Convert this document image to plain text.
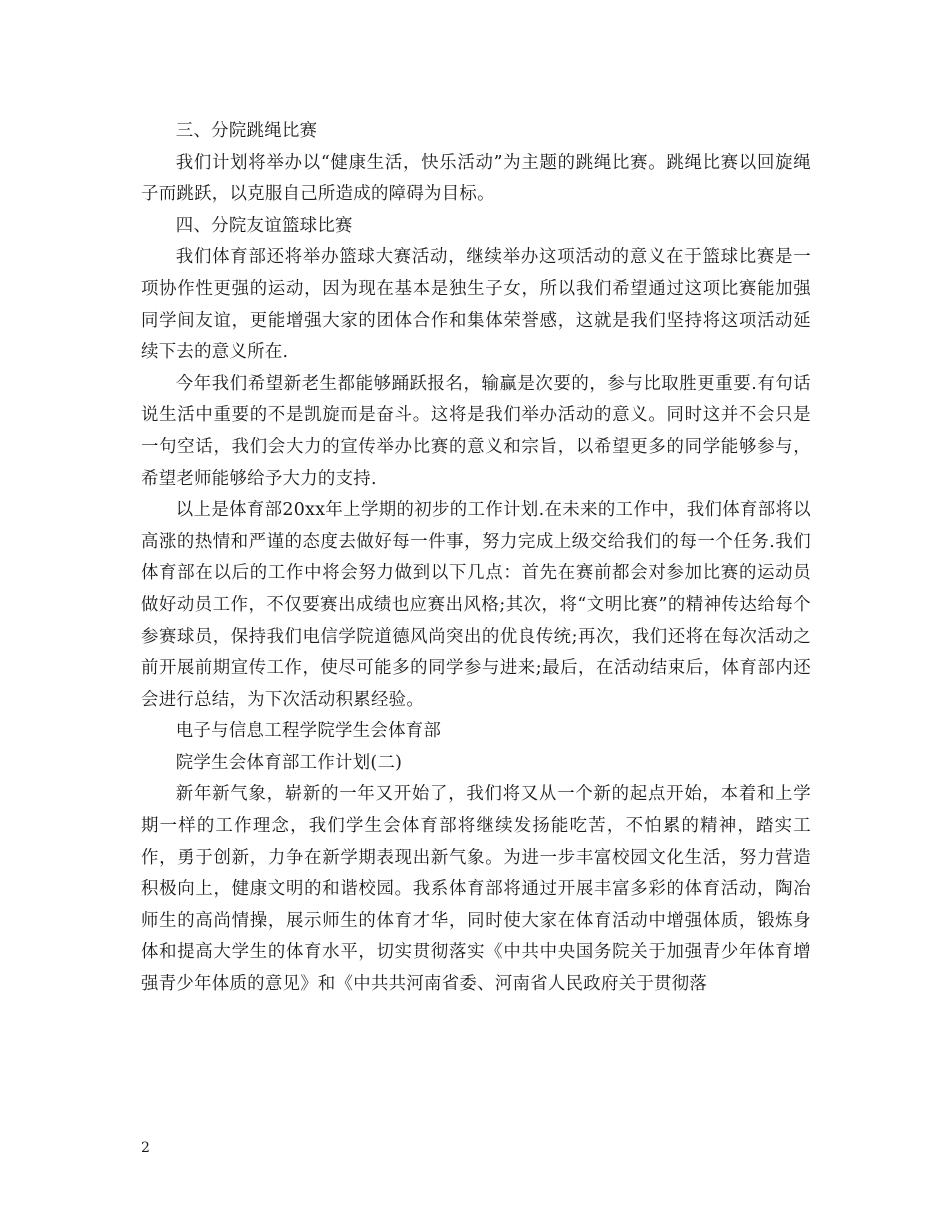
三、分院跳绳比赛

我们计划将举办以“健康生活，快乐活动”为主题的跳绳比赛。跳绳比赛以回旋绳子而跳跃，以克服自己所造成的障碍为目标。

四、分院友谊篮球比赛

我们体育部还将举办篮球大赛活动，继续举办这项活动的意义在于篮球比赛是一项协作性更强的运动，因为现在基本是独生子女，所以我们希望通过这项比赛能加强同学间友谊，更能增强大家的团体合作和集体荣誉感，这就是我们坚持将这项活动延续下去的意义所在.

今年我们希望新老生都能够踊跃报名，输赢是次要的，参与比取胜更重要.有句话说生活中重要的不是凯旋而是奋斗。这将是我们举办活动的意义。同时这并不会只是一句空话，我们会大力的宣传举办比赛的意义和宗旨，以希望更多的同学能够参与，希望老师能够给予大力的支持.

以上是体育部20xx年上学期的初步的工作计划.在未来的工作中，我们体育部将以高涨的热情和严谨的态度去做好每一件事，努力完成上级交给我们的每一个任务.我们体育部在以后的工作中将会努力做到以下几点：首先在赛前都会对参加比赛的运动员做好动员工作，不仅要赛出成绩也应赛出风格;其次，将“文明比赛”的精神传达给每个参赛球员，保持我们电信学院道德风尚突出的优良传统;再次，我们还将在每次活动之前开展前期宣传工作，使尽可能多的同学参与进来;最后，在活动结束后，体育部内还会进行总结，为下次活动积累经验。

电子与信息工程学院学生会体育部

院学生会体育部工作计划(二)

新年新气象，崭新的一年又开始了，我们将又从一个新的起点开始，本着和上学期一样的工作理念，我们学生会体育部将继续发扬能吃苦，不怕累的精神，踏实工作，勇于创新，力争在新学期表现出新气象。为进一步丰富校园文化生活，努力营造积极向上，健康文明的和谐校园。我系体育部将通过开展丰富多彩的体育活动，陶冶师生的高尚情操，展示师生的体育才华，同时使大家在体育活动中增强体质，锻炼身体和提高大学生的体育水平，切实贯彻落实《中共中央国务院关于加强青少年体育增强青少年体质的意见》和《中共共河南省委、河南省人民政府关于贯彻落

2
